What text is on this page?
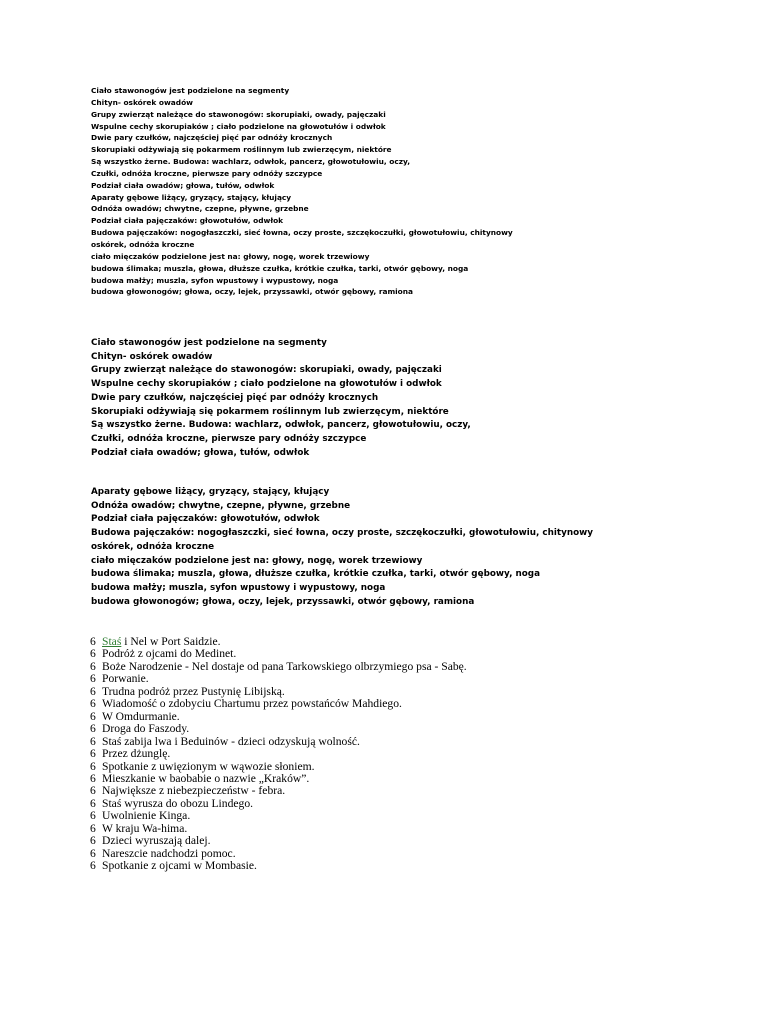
Ciało stawonogów jest podzielone na segmenty
Chityn- oskórek owadów
Grupy zwierząt należące do stawonogów: skorupiaki, owady, pajęczaki
Wspulne cechy skorupiaków ; ciało podzielone na głowotułów i odwłok
Dwie pary czułków, najczęściej pięć par odnóży krocznych
Skorupiaki odżywiają się pokarmem roślinnym lub zwierzęcym, niektóre
Są wszystko żerne. Budowa: wachlarz, odwłok, pancerz, głowotułowiu, oczy,
Czułki, odnóża kroczne, pierwsze pary odnóży szczypce
Podział ciała owadów; głowa, tułów, odwłok
Aparaty gębowe liżący, gryzący, stający, kłujący
Odnóża owadów; chwytne, czepne, pływne, grzebne
Podział ciała pajęczaków: głowotułów, odwłok
Budowa pajęczaków: nogogłaszczki, sieć łowna, oczy proste, szczękoczułki, głowotułowiu, chitynowy
oskórek, odnóża kroczne
ciało mięczaków podzielone jest na: głowy, nogę, worek trzewiowy
budowa ślimaka; muszla, głowa, dłuższe czułka, krótkie czułka, tarki, otwór gębowy, noga
budowa małży; muszla, syfon wpustowy i wypustowy, noga
budowa głowonogów; głowa, oczy, lejek, przyssawki, otwór gębowy, ramiona
Ciało stawonogów jest podzielone na segmenty
Chityn- oskórek owadów
Grupy zwierząt należące do stawonogów: skorupiaki, owady, pajęczaki
Wspulne cechy skorupiaków ; ciało podzielone na głowotułów i odwłok
Dwie pary czułków, najczęściej pięć par odnóży krocznych
Skorupiaki odżywiają się pokarmem roślinnym lub zwierzęcym, niektóre
Są wszystko żerne. Budowa: wachlarz, odwłok, pancerz, głowotułowiu, oczy,
Czułki, odnóża kroczne, pierwsze pary odnóży szczypce
Podział ciała owadów; głowa, tułów, odwłok
Aparaty gębowe liżący, gryzący, stający, kłujący
Odnóża owadów; chwytne, czepne, pływne, grzebne
Podział ciała pajęczaków: głowotułów, odwłok
Budowa pajęczaków: nogogłaszczki, sieć łowna, oczy proste, szczękoczułki, głowotułowiu, chitynowy
oskórek, odnóża kroczne
ciało mięczaków podzielone jest na: głowy, nogę, worek trzewiowy
budowa ślimaka; muszla, głowa, dłuższe czułka, krótkie czułka, tarki, otwór gębowy, noga
budowa małży; muszla, syfon wpustowy i wypustowy, noga
budowa głowonogów; głowa, oczy, lejek, przyssawki, otwór gębowy, ramiona
6 Staś i Nel w Port Saidzie.
6 Podróż z ojcami do Medinet.
6 Boże Narodzenie - Nel dostaje od pana Tarkowskiego olbrzymiego psa - Sabę.
6 Porwanie.
6 Trudna podróż przez Pustynię Libijską.
6 Wiadomość o zdobyciu Chartumu przez powstańców Mahdiego.
6 W Omdurmanie.
6 Droga do Faszody.
6 Staś zabija lwa i Beduinów - dzieci odzyskują wolność.
6 Przez dżunglę.
6 Spotkanie z uwięzionym w wąwozie słoniem.
6 Mieszkanie w baobabie o nazwie „Kraków”.
6 Największe z niebezpieczeństw - febra.
6 Staś wyrusza do obozu Lindego.
6 Uwolnienie Kinga.
6 W kraju Wa-hima.
6 Dzieci wyruszają dalej.
6 Nareszcie nadchodzi pomoc.
6 Spotkanie z ojcami w Mombasie.
